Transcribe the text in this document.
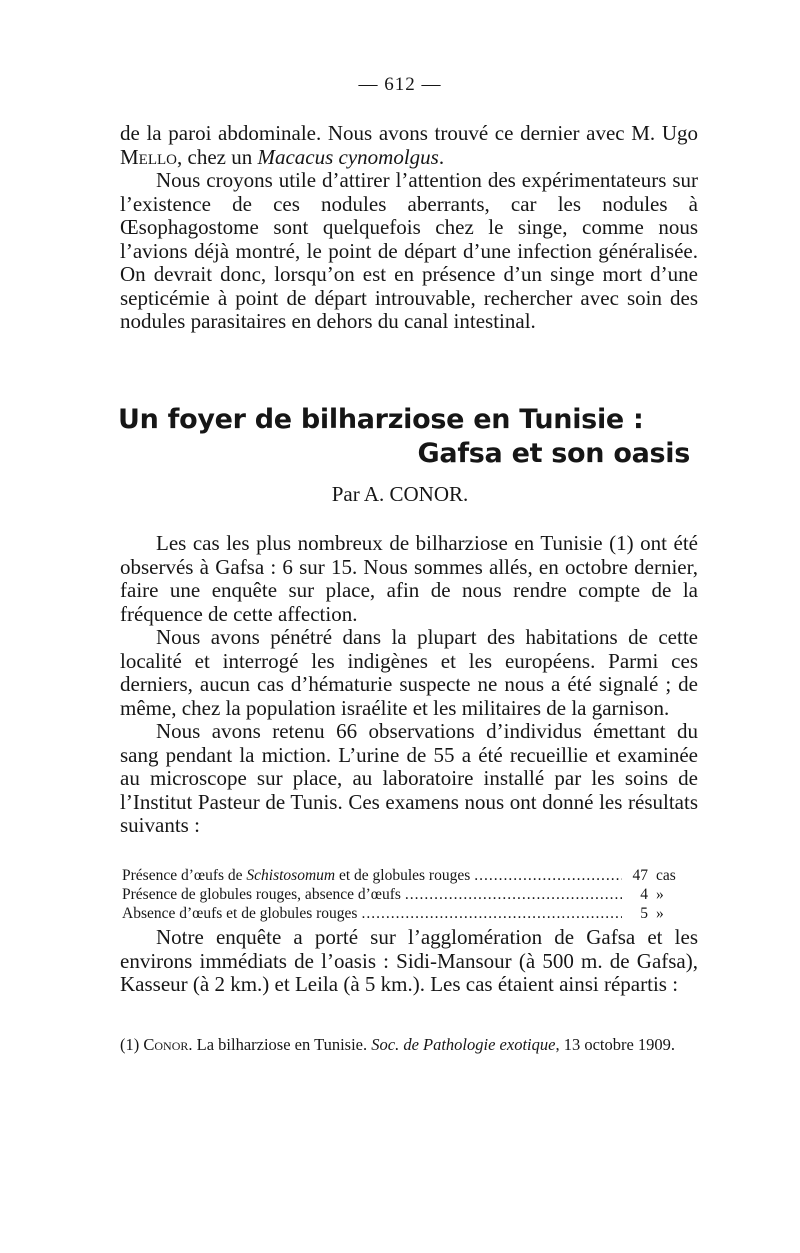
— 612 —

de la paroi abdominale. Nous avons trouvé ce dernier avec M. Ugo Mello, chez un Macacus cynomolgus.

Nous croyons utile d’attirer l’attention des expérimentateurs sur l’existence de ces nodules aberrants, car les nodules à Œsophagostome sont quelquefois chez le singe, comme nous l’avions déjà montré, le point de départ d’une infection généralisée. On devrait donc, lorsqu’on est en présence d’un singe mort d’une septicémie à point de départ introuvable, rechercher avec soin des nodules parasitaires en dehors du canal intestinal.

Un foyer de bilharziose en Tunisie :
Gafsa et son oasis
Par A. CONOR.

Les cas les plus nombreux de bilharziose en Tunisie (1) ont été observés à Gafsa : 6 sur 15. Nous sommes allés, en octobre dernier, faire une enquête sur place, afin de nous rendre compte de la fréquence de cette affection.

Nous avons pénétré dans la plupart des habitations de cette localité et interrogé les indigènes et les européens. Parmi ces derniers, aucun cas d’hématurie suspecte ne nous a été signalé ; de même, chez la population israélite et les militaires de la garnison.

Nous avons retenu 66 observations d’individus émettant du sang pendant la miction. L’urine de 55 a été recueillie et examinée au microscope sur place, au laboratoire installé par les soins de l’Institut Pasteur de Tunis. Ces examens nous ont donné les résultats suivants :

Présence d’œufs de Schistosomum et de globules rouges .....	47 cas
Présence de globules rouges, absence d’œufs .....	4 »
Absence d’œufs et de globules rouges .....	5 »

Notre enquête a porté sur l’agglomération de Gafsa et les environs immédiats de l’oasis : Sidi-Mansour (à 500 m. de Gafsa), Kasseur (à 2 km.) et Leila (à 5 km.). Les cas étaient ainsi répartis :

(1) Conor. La bilharziose en Tunisie. Soc. de Pathologie exotique, 13 octobre 1909.
